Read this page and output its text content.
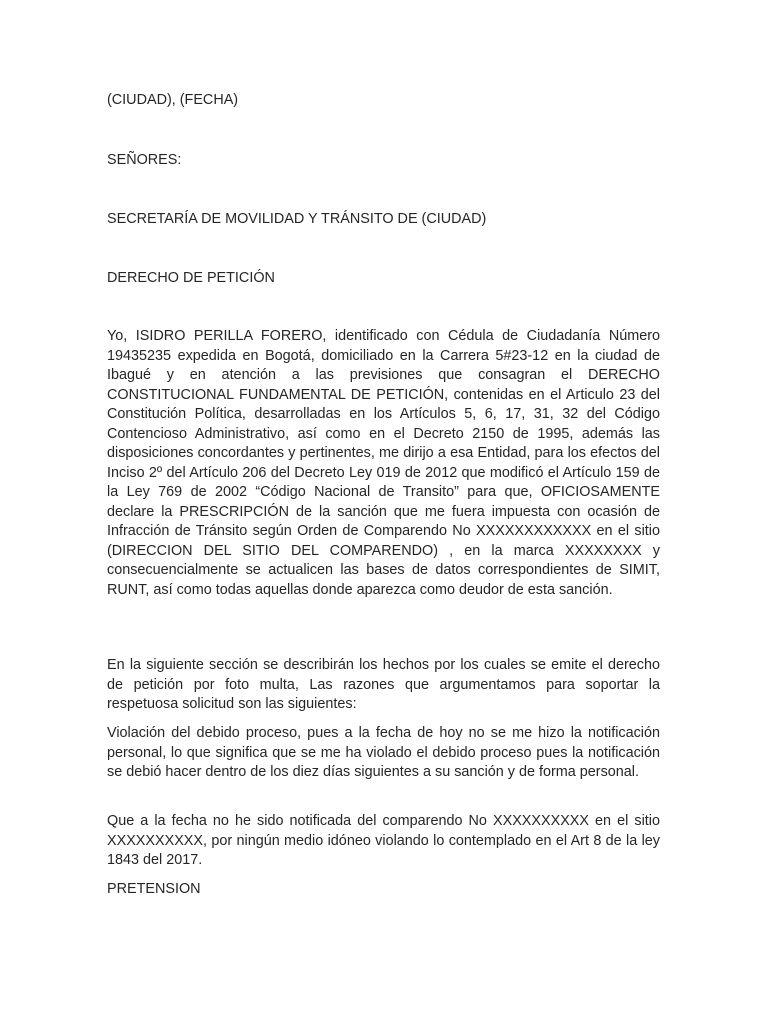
(CIUDAD), (FECHA)
SEÑORES:
SECRETARÍA DE MOVILIDAD Y TRÁNSITO DE (CIUDAD)
DERECHO DE PETICIÓN

Yo, ISIDRO PERILLA FORERO, identificado con Cédula de Ciudadanía Número 19435235 expedida en Bogotá, domiciliado en la Carrera 5#23-12 en la ciudad de Ibagué y en atención a las previsiones que consagran el DERECHO CONSTITUCIONAL FUNDAMENTAL DE PETICIÓN, contenidas en el Articulo 23 del Constitución Política, desarrolladas en los Artículos 5, 6, 17, 31, 32 del Código Contencioso Administrativo, así como en el Decreto 2150 de 1995, además las disposiciones concordantes y pertinentes, me dirijo a esa Entidad, para los efectos del Inciso 2º del Artículo 206 del Decreto Ley 019 de 2012 que modificó el Artículo 159 de la Ley 769 de 2002 “Código Nacional de Transito” para que, OFICIOSAMENTE declare la PRESCRIPCIÓN de la sanción que me fuera impuesta con ocasión de Infracción de Tránsito según Orden de Comparendo No XXXXXXXXXXXX en el sitio (DIRECCION DEL SITIO DEL COMPARENDO) , en la marca XXXXXXXX y consecuencialmente se actualicen las bases de datos correspondientes de SIMIT, RUNT, así como todas aquellas donde aparezca como deudor de esta sanción.

En la siguiente sección se describirán los hechos por los cuales se emite el derecho de petición por foto multa, Las razones que argumentamos para soportar la respetuosa solicitud son las siguientes:

Violación del debido proceso, pues a la fecha de hoy no se me hizo la notificación personal, lo que significa que se me ha violado el debido proceso pues la notificación se debió hacer dentro de los diez días siguientes a su sanción y de forma personal.

Que a la fecha no he sido notificada del comparendo No XXXXXXXXXX en el sitio XXXXXXXXXX, por ningún medio idóneo violando lo contemplado en el Art 8 de la ley 1843 del 2017.

PRETENSION
